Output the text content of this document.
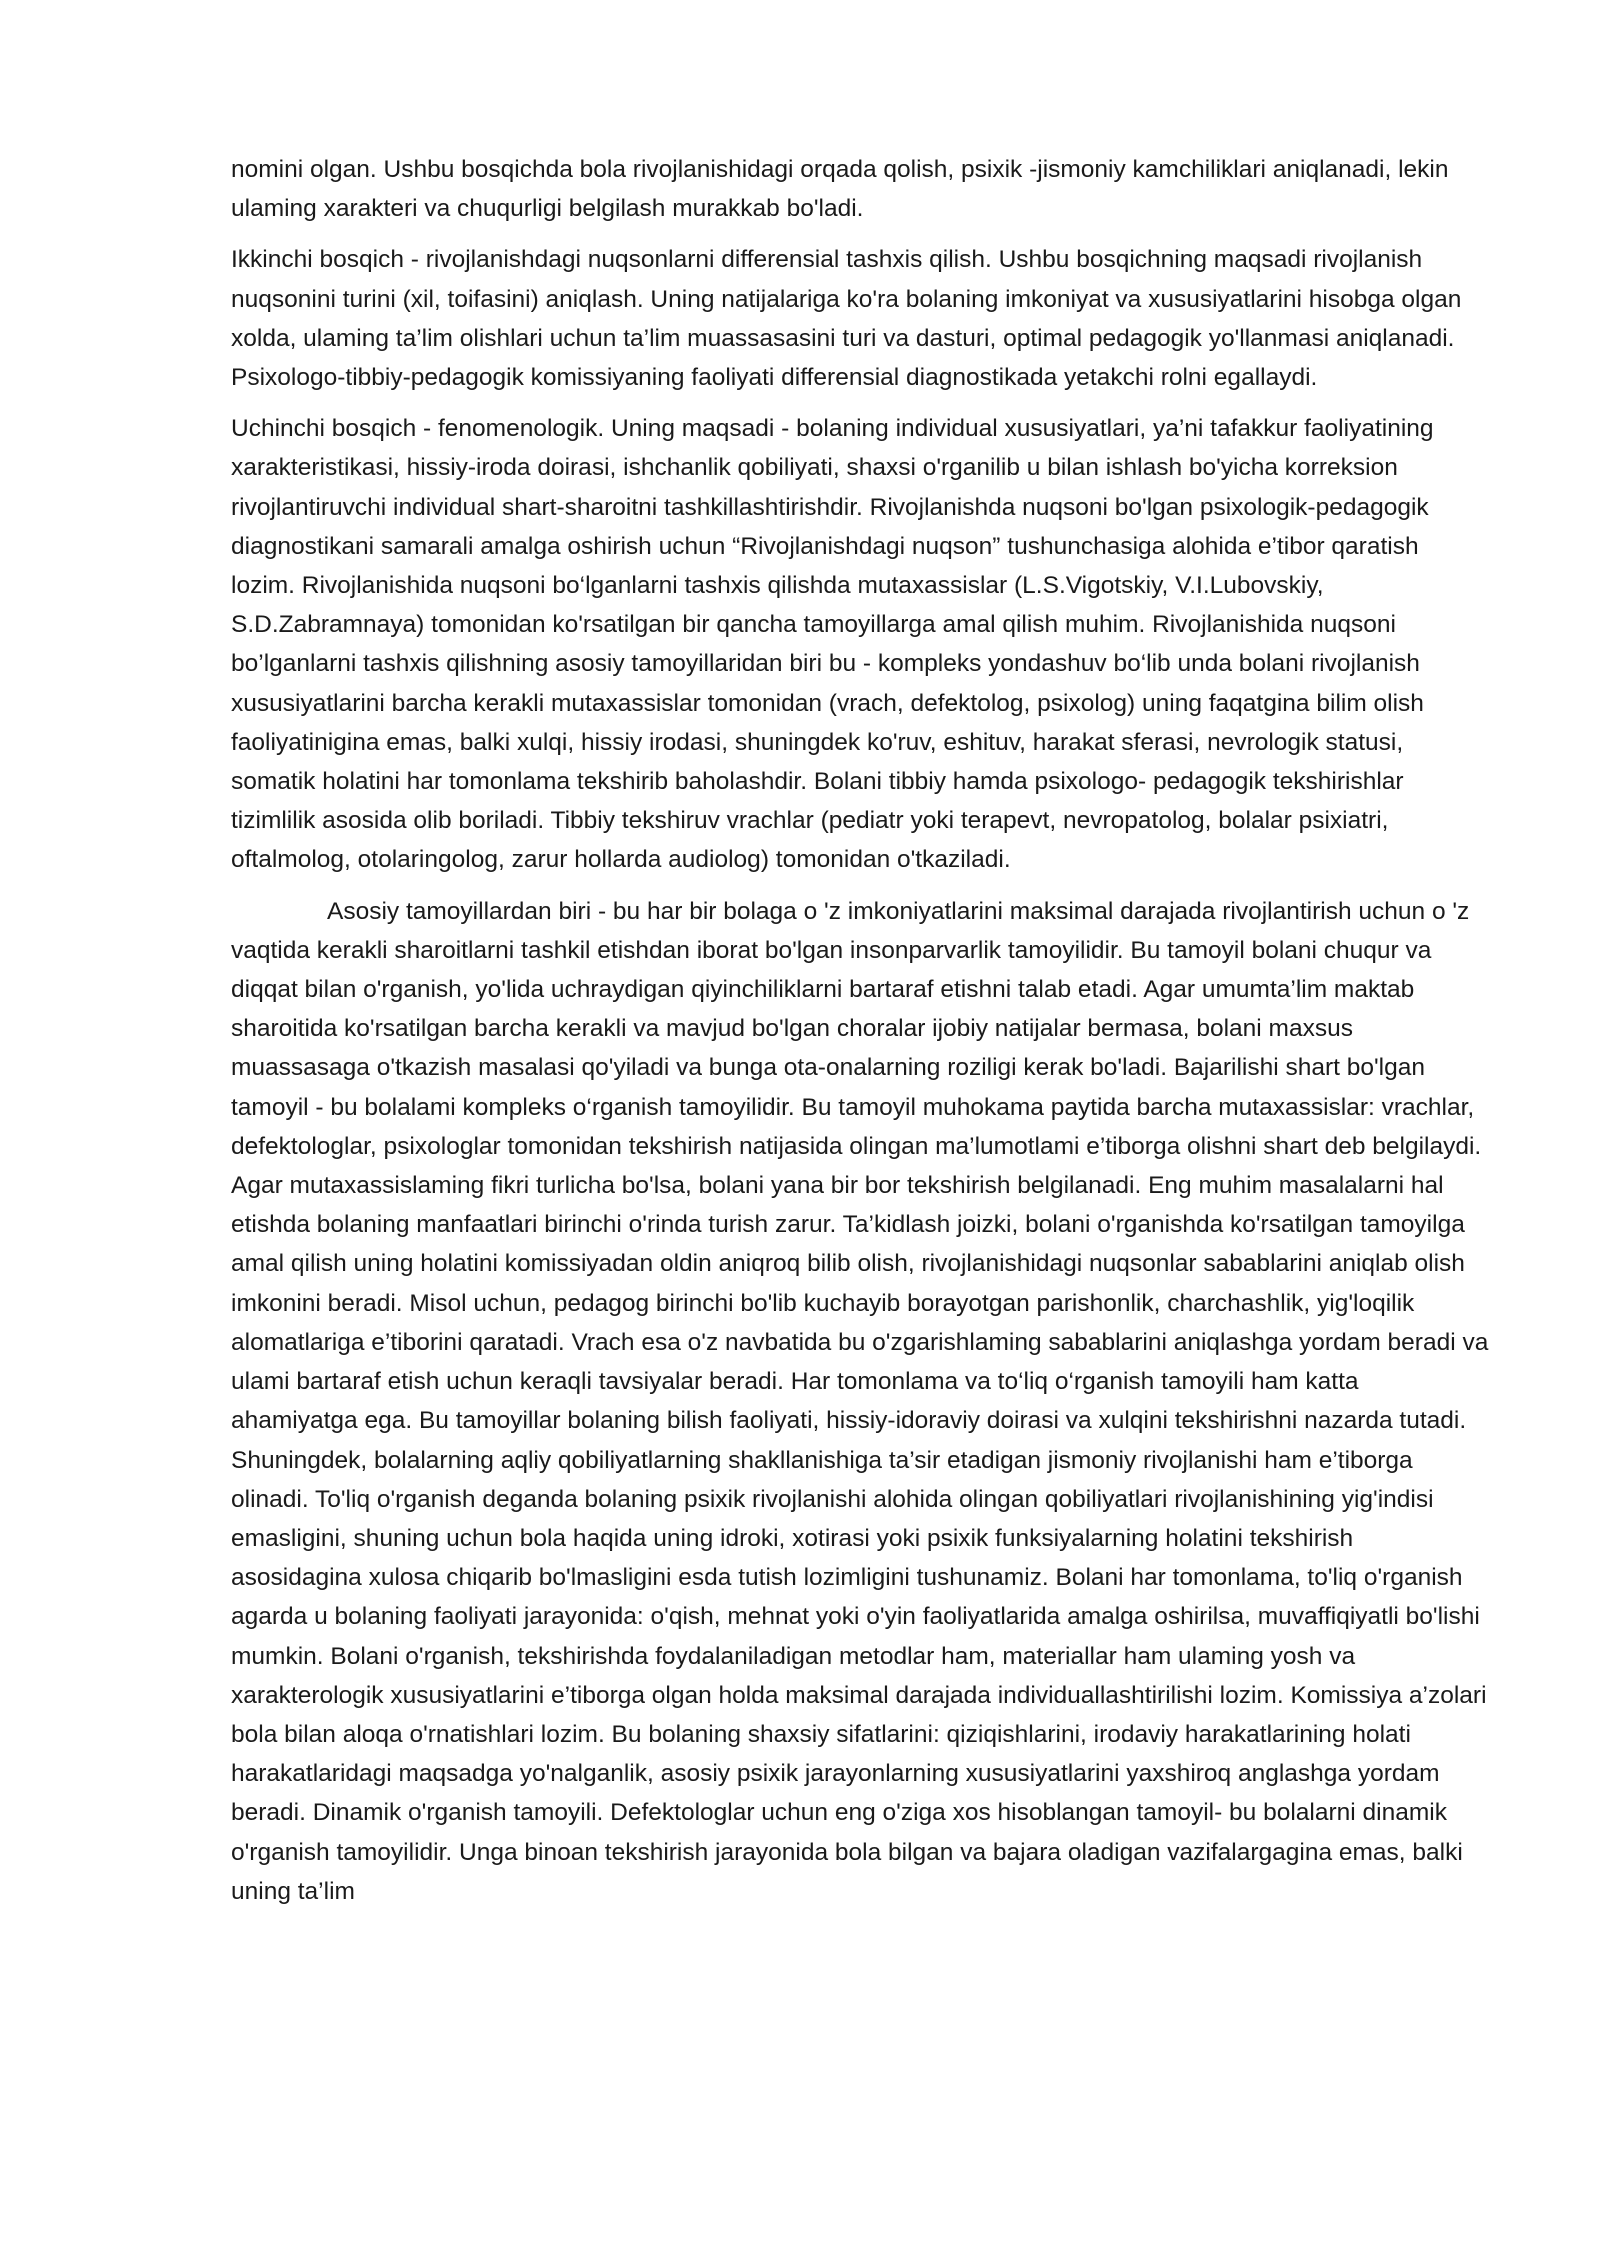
nomini olgan. Ushbu bosqichda bola rivojlanishidagi orqada qolish, psixik -jismoniy kamchiliklari aniqlanadi, lekin ulaming xarakteri va chuqurligi belgilash murakkab bo'ladi.

Ikkinchi bosqich - rivojlanishdagi nuqsonlarni differensial tashxis qilish. Ushbu bosqichning maqsadi rivojlanish nuqsonini turini (xil, toifasini) aniqlash. Uning natijalariga ko'ra bolaning imkoniyat va xususiyatlarini hisobga olgan xolda, ulaming ta’lim olishlari uchun ta’lim muassasasini turi va dasturi, optimal pedagogik yo'llanmasi aniqlanadi. Psixologo-tibbiy-pedagogik komissiyaning faoliyati differensial diagnostikada yetakchi rolni egallaydi.

Uchinchi bosqich - fenomenologik. Uning maqsadi - bolaning individual xususiyatlari, ya’ni tafakkur faoliyatining xarakteristikasi, hissiy-iroda doirasi, ishchanlik qobiliyati, shaxsi o'rganilib u bilan ishlash bo'yicha korreksion rivojlantiruvchi individual shart-sharoitni tashkillashtirishdir. Rivojlanishda nuqsoni bo'lgan psixologik-pedagogik diagnostikani samarali amalga oshirish uchun “Rivojlanishdagi nuqson” tushunchasiga alohida e’tibor qaratish lozim. Rivojlanishida nuqsoni bo‘lganlarni tashxis qilishda mutaxassislar (L.S.Vigotskiy, V.I.Lubovskiy, S.D.Zabramnaya) tomonidan ko'rsatilgan bir qancha tamoyillarga amal qilish muhim. Rivojlanishida nuqsoni bo’lganlarni tashxis qilishning asosiy tamoyillaridan biri bu - kompleks yondashuv bo‘lib unda bolani rivojlanish xususiyatlarini barcha kerakli mutaxassislar tomonidan (vrach, defektolog, psixolog) uning faqatgina bilim olish faoliyatinigina emas, balki xulqi, hissiy irodasi, shuningdek ko'ruv, eshituv, harakat sferasi, nevrologik statusi, somatik holatini har tomonlama tekshirib baholashdir. Bolani tibbiy hamda psixologo- pedagogik tekshirishlar tizimlilik asosida olib boriladi. Tibbiy tekshiruv vrachlar (pediatr yoki terapevt, nevropatolog, bolalar psixiatri, oftalmolog, otolaringolog, zarur hollarda audiolog) tomonidan o'tkaziladi.

Asosiy tamoyillardan biri - bu har bir bolaga o 'z imkoniyatlarini maksimal darajada rivojlantirish uchun o 'z vaqtida kerakli sharoitlarni tashkil etishdan iborat bo'lgan insonparvarlik tamoyilidir. Bu tamoyil bolani chuqur va diqqat bilan o'rganish, yo'lida uchraydigan qiyinchiliklarni bartaraf etishni talab etadi. Agar umumta’lim maktab sharoitida ko'rsatilgan barcha kerakli va mavjud bo'lgan choralar ijobiy natijalar bermasa, bolani maxsus muassasaga o'tkazish masalasi qo'yiladi va bunga ota-onalarning roziligi kerak bo'ladi. Bajarilishi shart bo'lgan tamoyil - bu bolalami kompleks o‘rganish tamoyilidir. Bu tamoyil muhokama paytida barcha mutaxassislar: vrachlar, defektologlar, psixologlar tomonidan tekshirish natijasida olingan ma’lumotlami e’tiborga olishni shart deb belgilaydi. Agar mutaxassislaming fikri turlicha bo'lsa, bolani yana bir bor tekshirish belgilanadi. Eng muhim masalalarni hal etishda bolaning manfaatlari birinchi o'rinda turish zarur. Ta’kidlash joizki, bolani o'rganishda ko'rsatilgan tamoyilga amal qilish uning holatini komissiyadan oldin aniqroq bilib olish, rivojlanishidagi nuqsonlar sabablarini aniqlab olish imkonini beradi. Misol uchun, pedagog birinchi bo'lib kuchayib borayotgan parishonlik, charchashlik, yig'loqilik alomatlariga e’tiborini qaratadi. Vrach esa o'z navbatida bu o'zgarishlaming sabablarini aniqlashga yordam beradi va ulami bartaraf etish uchun keraqli tavsiyalar beradi. Har tomonlama va to‘liq o‘rganish tamoyili ham katta ahamiyatga ega. Bu tamoyillar bolaning bilish faoliyati, hissiy-idoraviy doirasi va xulqini tekshirishni nazarda tutadi. Shuningdek, bolalarning aqliy qobiliyatlarning shakllanishiga ta’sir etadigan jismoniy rivojlanishi ham e’tiborga olinadi. To'liq o'rganish deganda bolaning psixik rivojlanishi alohida olingan qobiliyatlari rivojlanishining yig'indisi emasligini, shuning uchun bola haqida uning idroki, xotirasi yoki psixik funksiyalarning holatini tekshirish asosidagina xulosa chiqarib bo'lmasligini esda tutish lozimligini tushunamiz. Bolani har tomonlama, to'liq o'rganish agarda u bolaning faoliyati jarayonida: o'qish, mehnat yoki o'yin faoliyatlarida amalga oshirilsa, muvaffiqiyatli bo'lishi mumkin. Bolani o'rganish, tekshirishda foydalaniladigan metodlar ham, materiallar ham ulaming yosh va xarakterologik xususiyatlarini e’tiborga olgan holda maksimal darajada individuallashtirilishi lozim. Komissiya a’zolari bola bilan aloqa o'rnatishlari lozim. Bu bolaning shaxsiy sifatlarini: qiziqishlarini, irodaviy harakatlarining holati harakatlaridagi maqsadga yo'nalganlik, asosiy psixik jarayonlarning xususiyatlarini yaxshiroq anglashga yordam beradi. Dinamik o'rganish tamoyili. Defektologlar uchun eng o'ziga xos hisoblangan tamoyil- bu bolalarni dinamik o'rganish tamoyilidir. Unga binoan tekshirish jarayonida bola bilgan va bajara oladigan vazifalargagina emas, balki uning ta’lim
